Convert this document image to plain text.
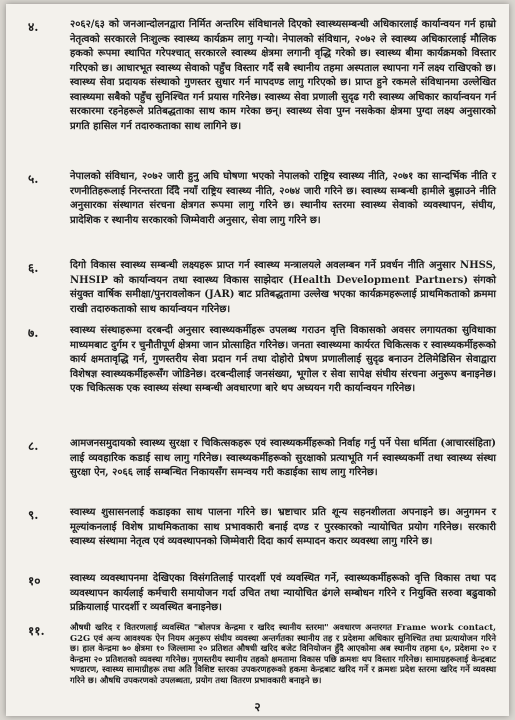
४.	२०६२/६३ को जनआन्दोलनद्वारा निर्मित अन्तरिम संविधानले दिएको स्वास्थ्यसम्बन्धी अधिकारलाई कार्यान्वयन गर्न हाम्रो नेतृत्वको सरकारले निःशुल्क स्वास्थ्य कार्यक्रम लागु गर्‍यो। नेपालको संविधान, २०७२ ले स्वास्थ्य अधिकारलाई मौलिक हकको रूपमा स्थापित गरेपश्चात् सरकारले स्वास्थ्य क्षेत्रमा लगानी वृद्धि गरेको छ। स्वास्थ्य बीमा कार्यक्रमको विस्तार गरिएको छ। आधारभूत स्वास्थ्य सेवाको पहुँच विस्तार गर्दै सबै स्थानीय तहमा अस्पताल स्थापना गर्ने लक्ष्य राखिएको छ। स्वास्थ्य सेवा प्रदायक संस्थाको गुणस्तर सुधार गर्न मापदण्ड लागु गरिएको छ। प्राप्त हुने रकमले संविधानमा उल्लेखित स्वास्थ्यमा सबैको पहुँच सुनिश्चित गर्न प्रयास गरिनेछ। स्वास्थ्य सेवा प्रणाली सुदृढ गरी स्वास्थ्य अधिकार कार्यान्वयन गर्न सरकारमा रहनेहरूले प्रतिबद्धताका साथ काम गरेका छन्। स्वास्थ्य सेवा पुग्न नसकेका क्षेत्रमा पुग्दा लक्ष्य अनुसारको प्रगति हासिल गर्न तदारुकताका साथ लागिने छ।
५.	नेपालको संविधान, २०७२ जारी हुनु अघि घोषणा भएको नेपालको राष्ट्रिय स्वास्थ्य नीति, २०७१ का सान्दर्भिक नीति र रणनीतिहरूलाई निरन्तरता दिँदै नयाँ राष्ट्रिय स्वास्थ्य नीति, २०७४ जारी गरिने छ। स्वास्थ्य सम्बन्धी हामीले बुझाउने नीति अनुसारका संस्थागत संरचना क्षेत्रगत रूपमा लागु गरिने छ। स्थानीय स्तरमा स्वास्थ्य सेवाको व्यवस्थापन, संघीय, प्रादेशिक र स्थानीय सरकारको जिम्मेवारी अनुसार, सेवा लागु गरिने छ।
६.	दिगो विकास स्वास्थ्य सम्बन्धी लक्ष्यहरू प्राप्त गर्न स्वास्थ्य मन्त्रालयले अवलम्बन गर्ने प्रवर्धन नीति अनुसार NHSS, NHSIP को कार्यान्वयन तथा स्वास्थ्य विकास साझेदार (Health Development Partners) संगको संयुक्त वार्षिक समीक्षा/पुनरावलोकन (JAR) बाट प्रतिबद्धतामा उल्लेख भएका कार्यक्रमहरूलाई प्राथमिकताको क्रममा राखी तदारुकताको साथ कार्यान्वयन गरिनेछ।
७.	स्वास्थ्य संस्थाहरूमा दरबन्दी अनुसार स्वास्थ्यकर्मीहरू उपलब्ध गराउन वृत्ति विकासको अवसर लगायतका सुविधाका माध्यमबाट दुर्गम र चुनौतीपूर्ण क्षेत्रमा जान प्रोत्साहित गरिनेछ। जनता स्वास्थ्यमा कार्यरत चिकित्सक र स्वास्थ्यकर्मीहरूको कार्य क्षमतावृद्धि गर्न, गुणस्तरीय सेवा प्रदान गर्न तथा दोहोरो प्रेषण प्रणालीलाई सुदृढ बनाउन टेलिमेडिसिन सेवाद्वारा विशेषज्ञ स्वास्थ्यकर्मीहरूसँग जोडिनेछ। दरबन्दीलाई जनसंख्या, भूगोल र सेवा सापेक्ष संघीय संरचना अनुरूप बनाइनेछ। एक चिकित्सक एक स्वास्थ्य संस्था सम्बन्धी अवधारणा बारे थप अध्ययन गरी कार्यान्वयन गरिनेछ।
८.	आमजनसमुदायको स्वास्थ्य सुरक्षा र चिकित्सकहरू एवं स्वास्थ्यकर्मीहरूको निर्वाह गर्नु पर्ने पेसा धर्मिता (आचारसंहिता) लाई व्यवहारिक कडाई साथ लागु गरिनेछ। स्वास्थ्यकर्मीहरूको सुरक्षाको प्रत्याभूति गर्न स्वास्थ्यकर्मी तथा स्वास्थ्य संस्था सुरक्षा ऐन, २०६६ लाई सम्बन्धित निकायसँग समन्वय गरी कडाईका साथ लागु गरिनेछ।
९.	स्वास्थ्य शुसासनलाई कडाइका साथ पालना गरिने छ। भ्रष्टाचार प्रति शून्य सहनशीलता अपनाइने छ। अनुगमन र मूल्यांकनलाई विशेष प्राथमिकताका साथ प्रभावकारी बनाई दण्ड र पुरस्कारको न्यायोचित प्रयोग गरिनेछ। सरकारी स्वास्थ्य संस्थामा नेतृत्व एवं व्यवस्थापनको जिम्मेवारी दिदा कार्य सम्पादन करार व्यवस्था लागु गरिने छ।
१०	स्वास्थ्य व्यवस्थापनमा देखिएका विसंगतिलाई पारदर्शी एवं व्यवस्थित गर्ने, स्वास्थ्यकर्मीहरूको वृत्ति विकास तथा पद व्यवस्थापन कार्यलाई कर्मचारी समायोजन गर्दा उचित तथा न्यायोचित ढंगले सम्बोधन गरिने र नियुक्ति सरुवा बढुवाको प्रक्रियालाई पारदर्शी र व्यवस्थित बनाइनेछ।
११.	औषधी खरिद र वितरणलाई व्यवस्थित "बोलपत्र केन्द्रमा र खरिद स्थानीय स्तरमा" अवधारण अन्तरगत Frame work contact, G2G एवं अन्य आवश्यक ऐन नियम अनुरूप संघीय व्यवस्था अन्तर्गतका स्थानीय तह र प्रदेशमा अधिकार सुनिश्चित तथा प्रत्यायोजन गरिने छ। हाल केन्द्रमा ७० क्षेत्रमा १० जिल्लामा २० प्रतिशत औषधी खरिद बजेट विनियोजन हुँदै आएकोमा अब स्थानीय तहमा ६०, प्रदेशमा २० र केन्द्रमा २० प्रतिशतको व्यवस्था गरिनेछ। गुणस्तरीय स्थानीय तहको क्षमतामा विकास पछि क्रमशः थप विस्तार गरिनेछ। सामाग्रहरूलाई केन्द्रबाट भण्डारण, स्वास्थ्य सामाग्रीहरू तथा अति विशिष्ट स्तरका उपकरणहरूको हकमा केन्द्रबाट खरिद गर्ने र क्रमशः प्रदेश स्तरमा खरिद गर्ने व्यवस्था गरिने छ। औषधि उपकरणको उपलब्धता, प्रयोग तथा वितरण प्रभावकारी बनाइने छ।
२
